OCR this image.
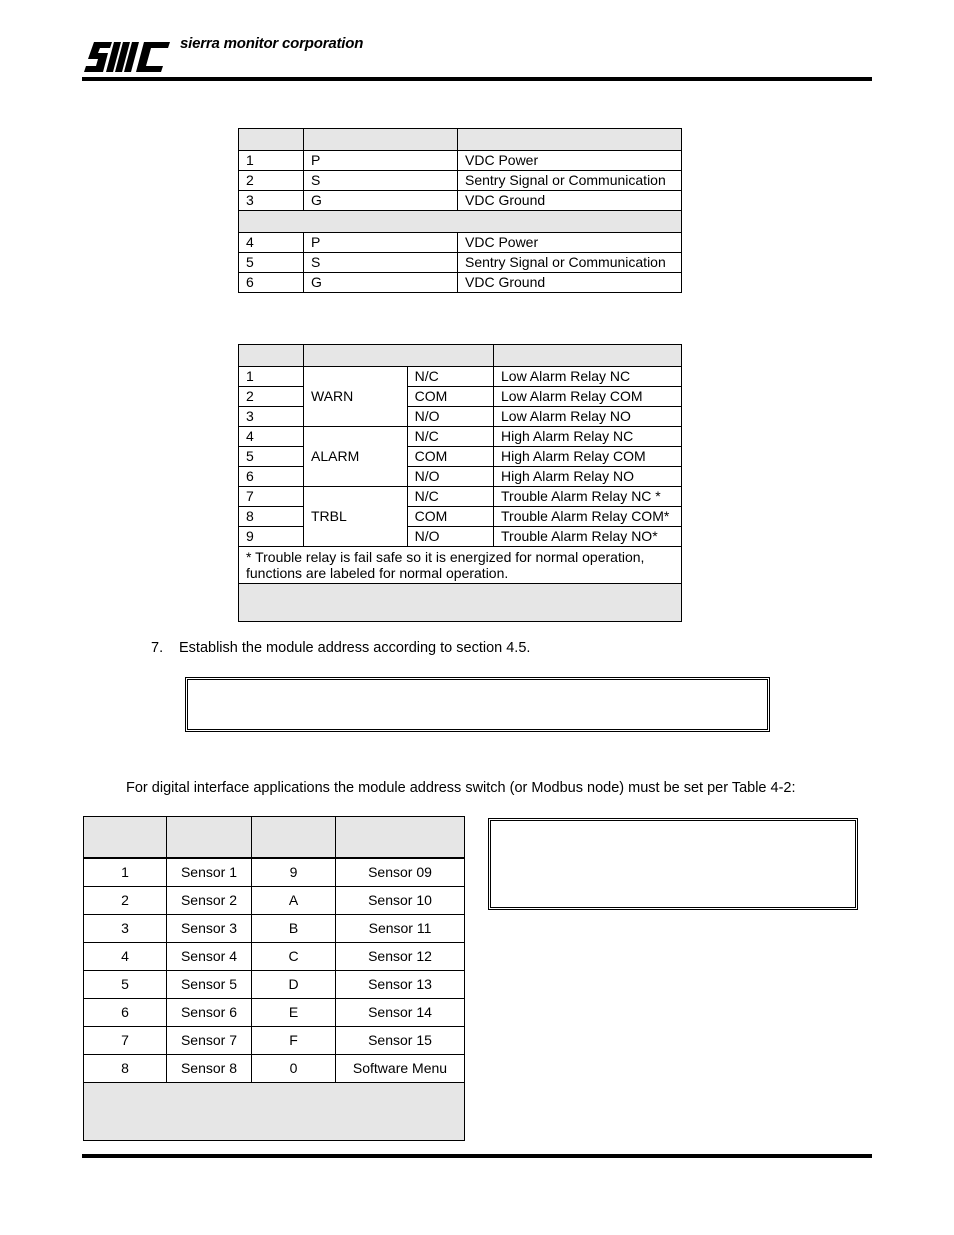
sierra monitor corporation

1	P	VDC Power
2	S	Sentry Signal or Communication
3	G	VDC Ground

4	P	VDC Power
5	S	Sentry Signal or Communication
6	G	VDC Ground

1	WARN	N/C	Low Alarm Relay NC
2		COM	Low Alarm Relay COM
3		N/O	Low Alarm Relay NO
4	ALARM	N/C	High Alarm Relay NC
5		COM	High Alarm Relay COM
6		N/O	High Alarm Relay NO
7	TRBL	N/C	Trouble Alarm Relay NC *
8		COM	Trouble Alarm Relay COM*
9		N/O	Trouble Alarm Relay NO*
* Trouble relay is fail safe so it is energized for normal operation,
functions are labeled for normal operation.			

7. Establish the module address according to section 4.5.
For digital interface applications the module address switch (or Modbus node) must be set per Table 4-2:

1	Sensor 1	9	Sensor 09
2	Sensor 2	A	Sensor 10
3	Sensor 3	B	Sensor 11
4	Sensor 4	C	Sensor 12
5	Sensor 5	D	Sensor 13
6	Sensor 6	E	Sensor 14
7	Sensor 7	F	Sensor 15
8	Sensor 8	0	Software Menu
